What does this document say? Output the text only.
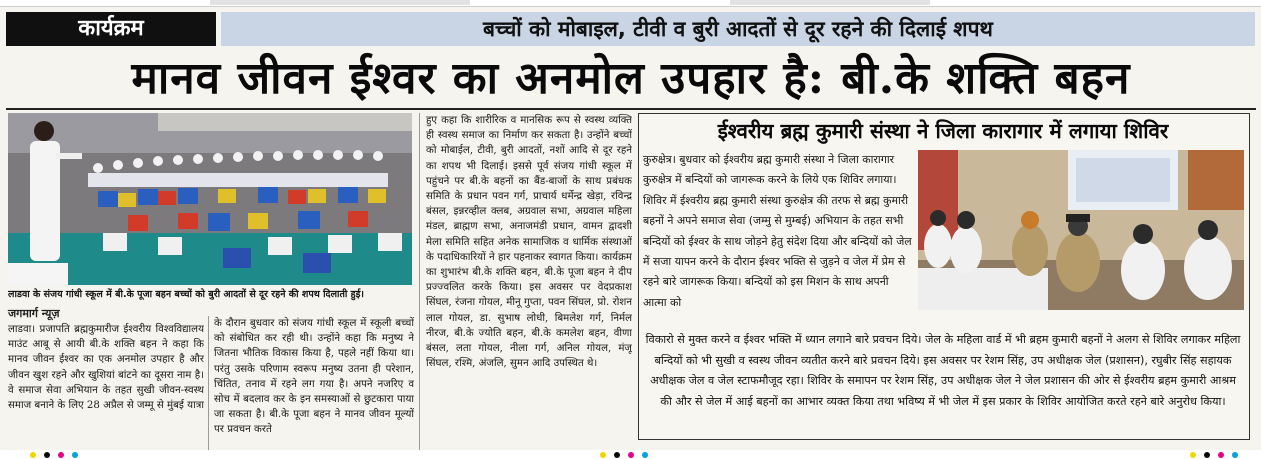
कार्यक्रम	बच्चों को मोबाइल, टीवी व बुरी आदतों से दूर रहने की दिलाई शपथ
मानव जीवन ईश्वर का अनमोल उपहार है: बी.के शक्ति बहन
लाडवा के संजय गांधी स्कूल में बी.के पूजा बहन बच्चों को बुरी आदतों से दूर रहने की शपथ दिलाती हुई।
जगमार्ग न्यूज़
लाडवा। प्रजापति ब्रह्मकुमारीज ईश्वरीय विश्वविद्यालय माउंट आबू से आयी बी.के शक्ति बहन ने कहा कि मानव जीवन ईश्वर का एक अनमोल उपहार है और जीवन खुश रहने और खुशियां बांटने का दूसरा नाम है। वे समाज सेवा अभियान के तहत सुखी जीवन-स्वस्थ समाज बनाने के लिए 28 अप्रैल से जम्मू से मुंबई यात्रा
के दौरान बुधवार को संजय गांधी स्कूल में स्कूली बच्चों को संबोधित कर रही थी। उन्होंने कहा कि मनुष्य ने जितना भौतिक विकास किया है, पहले नहीं किया था। परंतु उसके परिणाम स्वरूप मनुष्य उतना ही परेशान, चिंतित, तनाव में रहने लग गया है। अपने नजरिए व सोच में बदलाव कर के इन समस्याओं से छुटकारा पाया जा सकता है। बी.के पूजा बहन ने मानव जीवन मूल्यों पर प्रवचन करते
हुए कहा कि शारीरिक व मानसिक रूप से स्वस्थ व्यक्ति ही स्वस्थ समाज का निर्माण कर सकता है। उन्होंने बच्चों को मोबाईल, टीवी, बुरी आदतों, नशों आदि से दूर रहने का शपथ भी दिलाई। इससे पूर्व संजय गांधी स्कूल में पहुंचने पर बी.के बहनों का बैंड-बाजों के साथ प्रबंधक समिति के प्रधान पवन गर्ग, प्राचार्य धर्मेन्द्र खेड़ा, रविन्द्र बंसल, इन्नरव्हील क्लब, अग्रवाल सभा, अग्रवाल महिला मंडल, ब्राह्मण सभा, अनाजमंडी प्रधान, वामन द्वादशी मेला समिति सहित अनेक सामाजिक व धार्मिक संस्थाओं के पदाधिकारियों ने हार पहनाकर स्वागत किया। कार्यक्रम का शुभारंभ बी.के शक्ति बहन, बी.के पूजा बहन ने दीप प्रज्ज्वलित करके किया। इस अवसर पर वेदप्रकाश सिंघल, रंजना गोयल, मीनू गुप्ता, पवन सिंघल, प्रो. रोशन लाल गोयल, डा. सुभाष लोधी, बिमलेश गर्ग, निर्मल नीरज, बी.के ज्योति बहन, बी.के कमलेश बहन, वीणा बंसल, लता गोयल, नीला गर्ग, अनिल गोयल, मंजू सिंघल, रश्मि, अंजलि, सुमन आदि उपस्थित थे।
ईश्वरीय ब्रह्म कुमारी संस्था ने जिला कारागार में लगाया शिविर
कुरुक्षेत्र। बुधवार को ईश्वरीय ब्रह्म कुमारी संस्था ने जिला कारागार कुरुक्षेत्र में बन्दियों को जागरूक करने के लिये एक शिविर लगाया। शिविर में ईश्वरीय ब्रह्म कुमारी संस्था कुरुक्षेत्र की तरफ से ब्रह्म कुमारी बहनों ने अपने समाज सेवा (जम्मु से मुम्बई) अभियान के तहत सभी बन्दियों को ईश्वर के साथ जोड़ने हेतु संदेश दिया और बन्दियों को जेल में सजा यापन करने के दौरान ईश्वर भक्ति से जुड़ने व जेल में प्रेम से रहने बारे जागरूक किया। बन्दियों को इस मिशन के साथ अपनी आत्मा को
विकारो से मुक्त करने व ईश्वर भक्ति में ध्यान लगाने बारे प्रवचन दिये। जेल के महिला वार्ड में भी ब्रहम कुमारी बहनों ने अलग से शिविर लगाकर महिला बन्दियों को भी सुखी व स्वस्थ जीवन व्यतीत करने बारे प्रवचन दिये। इस अवसर पर रेशम सिंह, उप अधीक्षक जेल (प्रशासन), रघुबीर सिंह सहायक अधीक्षक जेल व जेल स्टाफमौजूद रहा। शिविर के समापन पर रेशम सिंह, उप अधीक्षक जेल ने जेल प्रशासन की ओर से ईश्वरीय ब्रहम कुमारी आश्रम की और से जेल में आई बहनों का आभार व्यक्त किया तथा भविष्य में भी जेल में इस प्रकार के शिविर आयोजित करते रहने बारे अनुरोध किया।
